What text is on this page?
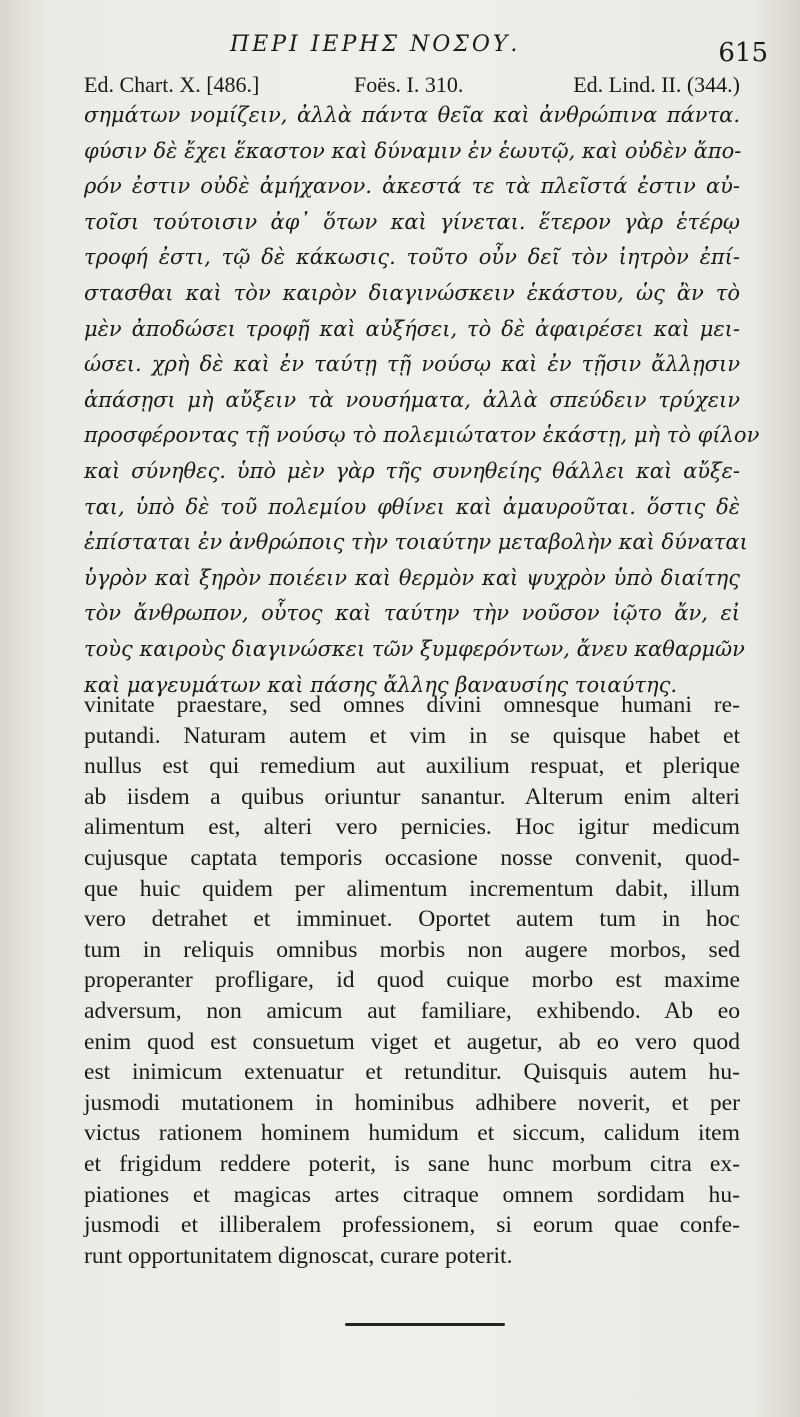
ΠΕΡΙ ΙΕΡΗΣ ΝΟΣΟΥ.	615
Ed. Chart. X. [486.]	Foës. I. 310.	Ed. Lind. II. (344.)
σημάτων νομίζειν, ἀλλὰ πάντα θεῖα καὶ ἀνθρώπινα πάντα.
φύσιν δὲ ἔχει ἕκαστον καὶ δύναμιν ἐν ἑωυτῷ, καὶ οὐδὲν ἄπο-
ρόν ἐστιν οὐδὲ ἀμήχανον. ἀκεστά τε τὰ πλεῖστά ἐστιν αὐ-
τοῖσι τούτοισιν ἀφ᾽ ὅτων καὶ γίνεται. ἕτερον γὰρ ἑτέρῳ
τροφή ἐστι, τῷ δὲ κάκωσις. τοῦτο οὖν δεῖ τὸν ἰητρὸν ἐπί-
στασθαι καὶ τὸν καιρὸν διαγινώσκειν ἑκάστου, ὡς ἂν τὸ
μὲν ἀποδώσει τροφῇ καὶ αὐξήσει, τὸ δὲ ἀφαιρέσει καὶ μει-
ώσει. χρὴ δὲ καὶ ἐν ταύτῃ τῇ νούσῳ καὶ ἐν τῇσιν ἄλλῃσιν
ἁπάσῃσι μὴ αὔξειν τὰ νουσήματα, ἀλλὰ σπεύδειν τρύχειν
προσφέροντας τῇ νούσῳ τὸ πολεμιώτατον ἑκάστῃ, μὴ τὸ φίλον
καὶ σύνηθες. ὑπὸ μὲν γὰρ τῆς συνηθείης θάλλει καὶ αὔξε-
ται, ὑπὸ δὲ τοῦ πολεμίου φθίνει καὶ ἀμαυροῦται. ὅστις δὲ
ἐπίσταται ἐν ἀνθρώποις τὴν τοιαύτην μεταβολὴν καὶ δύναται
ὑγρὸν καὶ ξηρὸν ποιέειν καὶ θερμὸν καὶ ψυχρὸν ὑπὸ διαίτης
τὸν ἄνθρωπον, οὗτος καὶ ταύτην τὴν νοῦσον ἰῷτο ἄν, εἰ
τοὺς καιροὺς διαγινώσκει τῶν ξυμφερόντων, ἄνευ καθαρμῶν
καὶ μαγευμάτων καὶ πάσης ἄλλης βαναυσίης τοιαύτης.
vinitate praestare, sed omnes divini omnesque humani re-
putandi. Naturam autem et vim in se quisque habet et
nullus est qui remedium aut auxilium respuat, et plerique
ab iisdem a quibus oriuntur sanantur. Alterum enim alteri
alimentum est, alteri vero pernicies. Hoc igitur medicum
cujusque captata temporis occasione nosse convenit, quod-
que huic quidem per alimentum incrementum dabit, illum
vero detrahet et imminuet. Oportet autem tum in hoc
tum in reliquis omnibus morbis non augere morbos, sed
properanter profligare, id quod cuique morbo est maxime
adversum, non amicum aut familiare, exhibendo. Ab eo
enim quod est consuetum viget et augetur, ab eo vero quod
est inimicum extenuatur et retunditur. Quisquis autem hu-
jusmodi mutationem in hominibus adhibere noverit, et per
victus rationem hominem humidum et siccum, calidum item
et frigidum reddere poterit, is sane hunc morbum citra ex-
piationes et magicas artes citraque omnem sordidam hu-
jusmodi et illiberalem professionem, si eorum quae confe-
runt opportunitatem dignoscat, curare poterit.
